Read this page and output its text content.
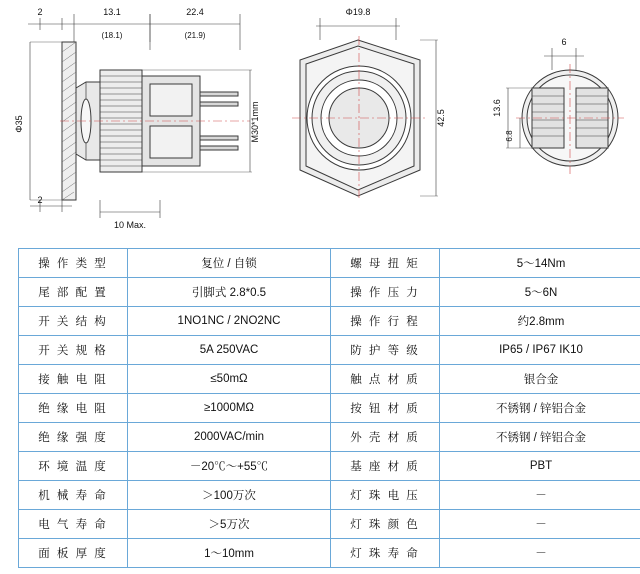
2	13.1
(18.1)
22.4
(21.9)
Φ35	M30*1mm
2
10 Max.
Φ19.8
42.5
6
13.6
6.8
操 作 类 型	复位 / 自锁	螺 母 扭 矩	5～14Nm
尾 部 配 置	引脚式 2.8*0.5	操 作 压 力	5～6N
开 关 结 构	1NO1NC / 2NO2NC	操 作 行 程	约2.8mm
开 关 规 格	5A 250VAC	防 护 等 级	IP65 / IP67 IK10
接 触 电 阻	≤50mΩ	触 点 材 质	银合金
绝 缘 电 阻	≥1000MΩ	按 钮 材 质	不锈钢 / 锌铝合金
绝 缘 强 度	2000VAC/min	外 壳 材 质	不锈钢 / 锌铝合金
环 境 温 度	－20℃～+55℃	基 座 材 质	PBT
机 械 寿 命	＞100万次	灯 珠 电 压	－
电 气 寿 命	＞5万次	灯 珠 颜 色	－
面 板 厚 度	1～10mm	灯 珠 寿 命	－
